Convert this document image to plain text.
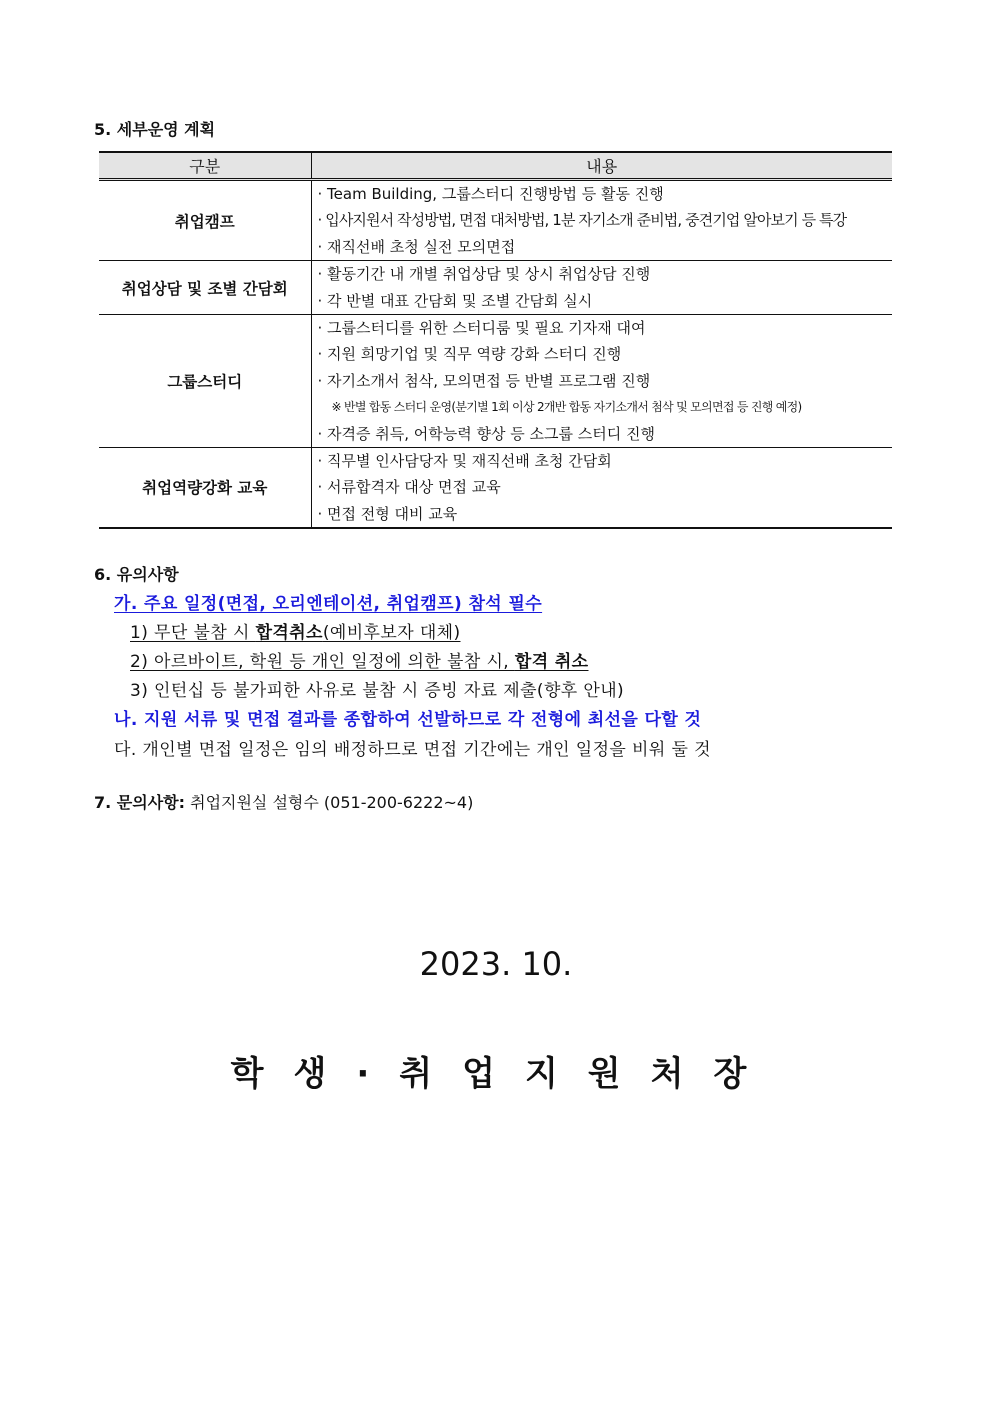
5. 세부운영 계획
구분	내용
취업캠프	· Team Building, 그룹스터디 진행방법 등 활동 진행
· 입사지원서 작성방법, 면접 대처방법, 1분 자기소개 준비법, 중견기업 알아보기 등 특강
· 재직선배 초청 실전 모의면접

취업상담 및 조별 간담회	· 활동기간 내 개별 취업상담 및 상시 취업상담 진행
· 각 반별 대표 간담회 및 조별 간담회 실시

그룹스터디	· 그룹스터디를 위한 스터디룸 및 필요 기자재 대여
· 지원 희망기업 및 직무 역량 강화 스터디 진행
· 자기소개서 첨삭, 모의면접 등 반별 프로그램 진행
※ 반별 합동 스터디 운영(분기별 1회 이상 2개반 합동 자기소개서 첨삭 및 모의면접 등 진행 예정)
· 자격증 취득, 어학능력 향상 등 소그룹 스터디 진행

취업역량강화 교육	· 직무별 인사담당자 및 재직선배 초청 간담회
· 서류합격자 대상 면접 교육
· 면접 전형 대비 교육
6. 유의사항
가. 주요 일정(면접, 오리엔테이션, 취업캠프) 참석 필수
1) 무단 불참 시 합격취소(예비후보자 대체)
2) 아르바이트, 학원 등 개인 일정에 의한 불참 시, 합격 취소
3) 인턴십 등 불가피한 사유로 불참 시 증빙 자료 제출(향후 안내)
나. 지원 서류 및 면접 결과를 종합하여 선발하므로 각 전형에 최선을 다할 것
다. 개인별 면접 일정은 임의 배정하므로 면접 기간에는 개인 일정을 비워 둘 것
7. 문의사항: 취업지원실 설형수 (051-200-6222~4)
2023. 10.
학생·취업지원처장
